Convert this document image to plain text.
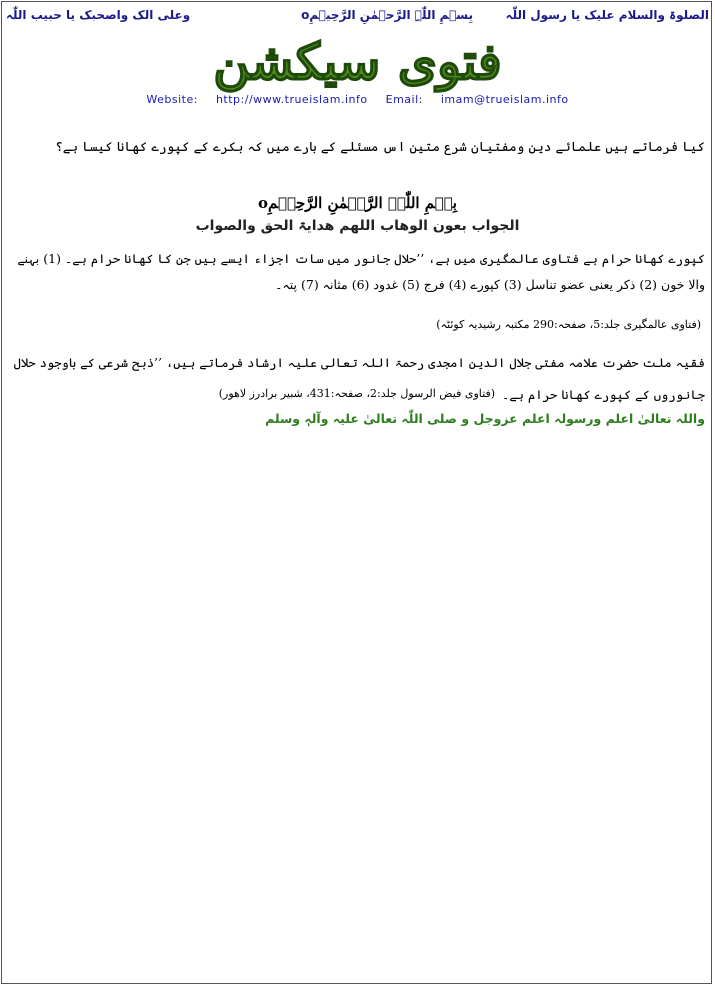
الصلوۃ والسلام علیک یا رسول اللّٰہ
بِسۡمِ اللّٰہِ الرَّحۡمٰنِ الرَّحِیۡمِo
وعلی الک واصحبک یا حبیب اللّٰہ
فتوی سیکشن
Website: http://www.trueislam.info Email: imam@trueislam.info
کیا فرماتے ہیں علمائے دین ومفتیان شرع متین اس مسئلے کے بارے میں کہ بکرے کے کپورے کھانا کیسا ہے؟
بِسۡمِ اللّٰہِ الرَّحۡمٰنِ الرَّحِیۡمِo
الجواب بعون الوھاب اللھم ھدایۃ الحق والصواب
کپورے کھانا حرام ہے فتاوی عالمگیری میں ہے، ’’حلال جانور میں سات اجزاء ایسے ہیں جن کا کھانا حرام ہے۔ (1) بہنے والا خون (2) ذکر یعنی عضو تناسل (3) کپورے (4) فرج (5) غدود (6) مثانہ (7) پتہ۔
(فتاوی عالمگیری جلد:5، صفحہ:290 مکتبہ رشیدیہ کوئٹہ)
فقیہ ملت حضرت علامہ مفتی جلال الدین امجدی رحمۃ اللہ تعالی علیہ ارشاد فرماتے ہیں، ’’ذبح شرعی کے باوجود حلال جانوروں کے کپورے کھانا حرام ہے۔
(فتاوی فیض الرسول جلد:2، صفحہ:431، شبیر برادرز لاھور)
واللہ تعالیٰ اعلم ورسولہ اعلم عزوجل و صلی اللّٰہ تعالیٰ علیہ وآلہٖ وسلم
